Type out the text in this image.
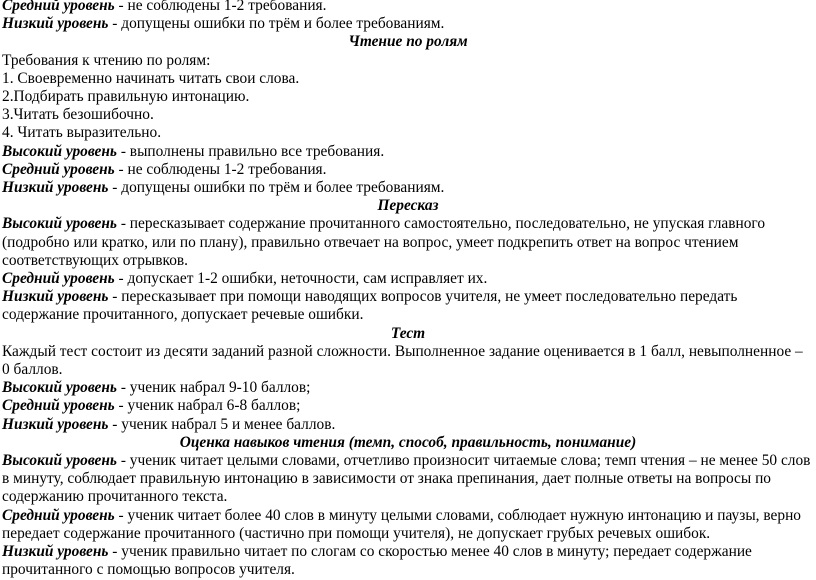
Средний уровень - не соблюдены 1-2 требования.

Низкий уровень - допущены ошибки по трём и более требованиям.

Чтение по ролям

Требования к чтению по ролям:

1. Своевременно начинать читать свои слова.

2.Подбирать правильную интонацию.

3.Читать безошибочно.

4. Читать выразительно.

Высокий уровень - выполнены правильно все требования.

Средний уровень - не соблюдены 1-2 требования.

Низкий уровень - допущены ошибки по трём и более требованиям.

Пересказ

Высокий уровень - пересказывает содержание прочитанного самостоятельно, последовательно, не упуская главного (подробно или кратко, или по плану), правильно отвечает на вопрос, умеет подкрепить ответ на вопрос чтением соответствующих отрывков.

Средний уровень - допускает 1-2 ошибки, неточности, сам исправляет их.

Низкий уровень - пересказывает при помощи наводящих вопросов учителя, не умеет последовательно передать содержание прочитанного, допускает речевые ошибки.

Тест

Каждый тест состоит из десяти заданий разной сложности. Выполненное задание оценивается в 1 балл, невыполненное – 0 баллов.

Высокий уровень - ученик набрал 9-10 баллов;

Средний уровень - ученик набрал 6-8 баллов;

Низкий уровень - ученик набрал 5 и менее баллов.

Оценка навыков чтения (темп, способ, правильность, понимание)

Высокий уровень - ученик читает целыми словами, отчетливо произносит читаемые слова; темп чтения – не менее 50 слов в минуту, соблюдает правильную интонацию в зависимости от знака препинания, дает полные ответы на вопросы по содержанию прочитанного текста.

Средний уровень - ученик читает более 40 слов в минуту целыми словами, соблюдает нужную интонацию и паузы, верно передает содержание прочитанного (частично при помощи учителя), не допускает грубых речевых ошибок.

Низкий уровень - ученик правильно читает по слогам со скоростью менее 40 слов в минуту; передает содержание прочитанного с помощью вопросов учителя.
